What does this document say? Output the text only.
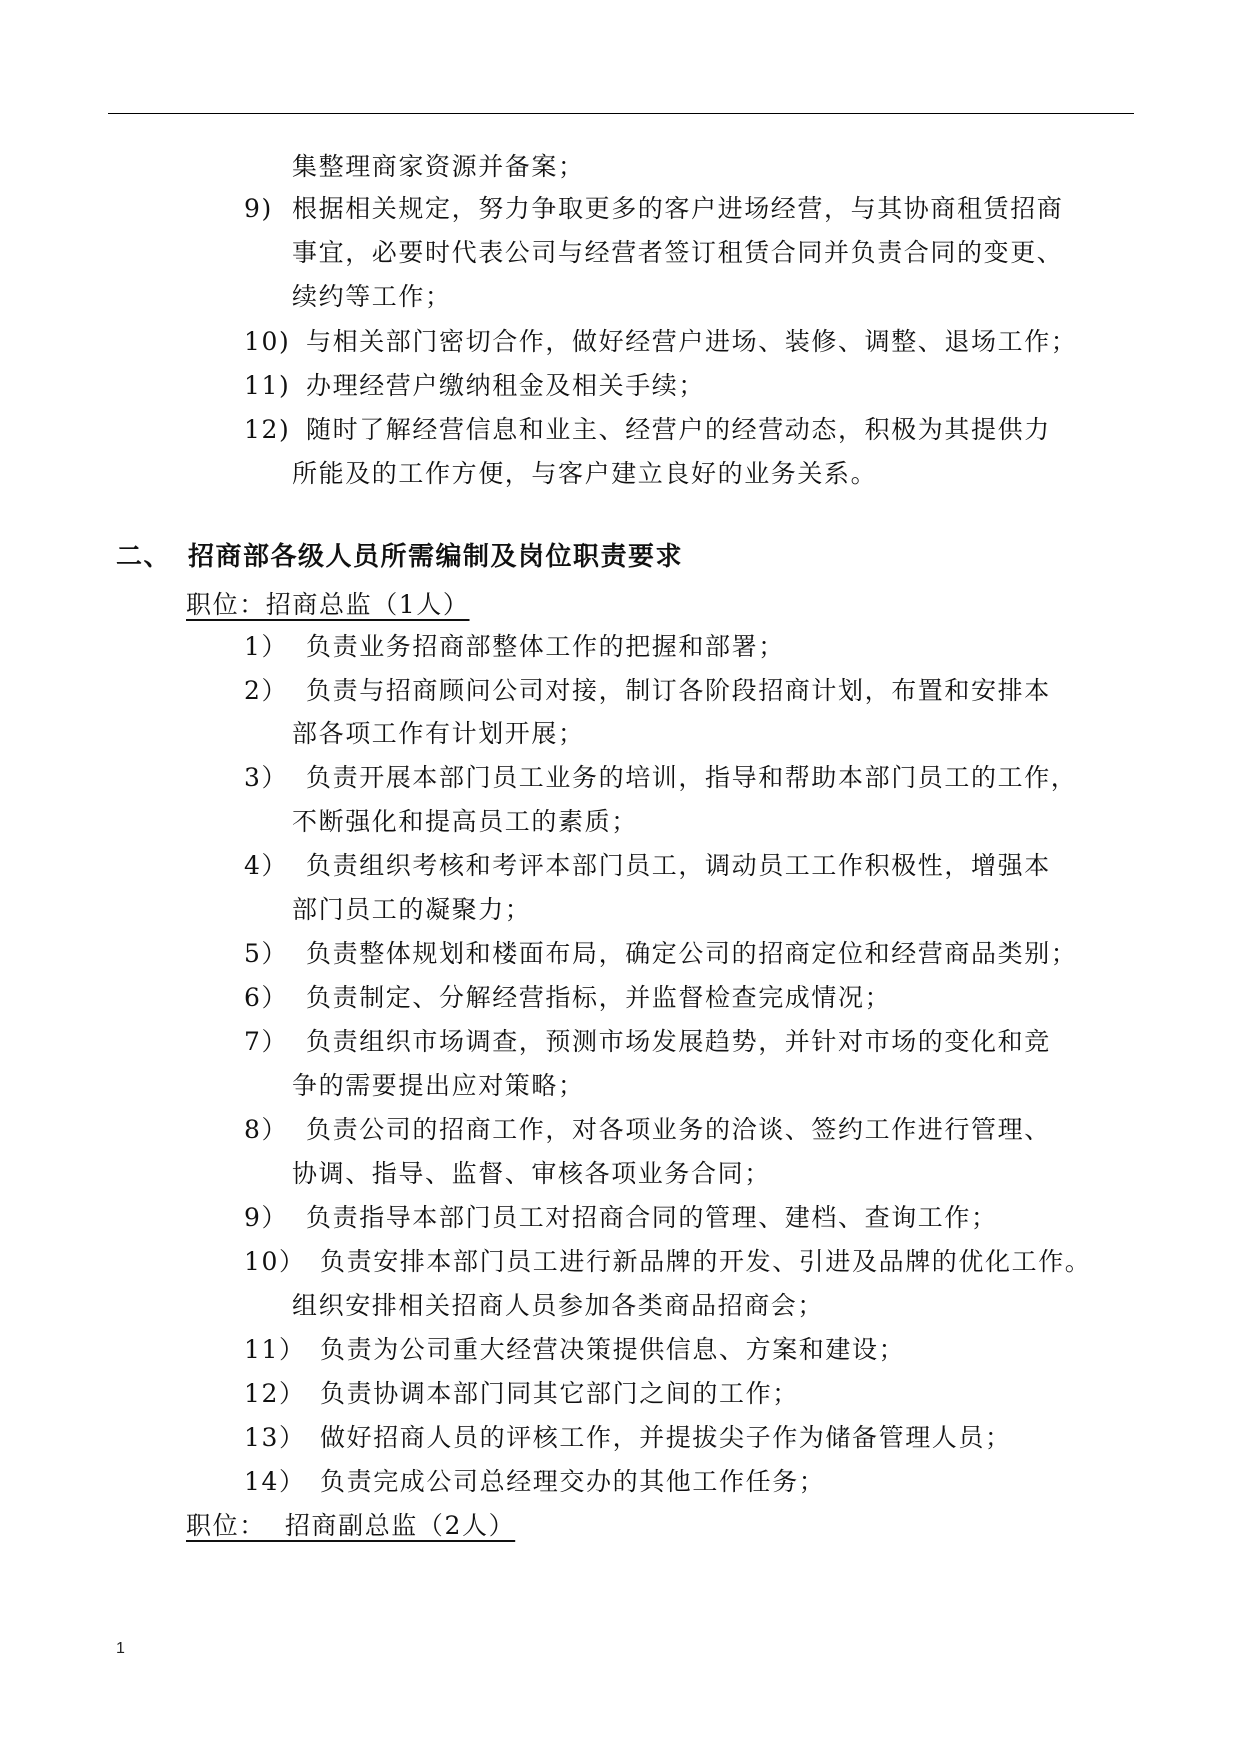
集整理商家资源并备案；
9) 根据相关规定，努力争取更多的客户进场经营，与其协商租赁招商
事宜，必要时代表公司与经营者签订租赁合同并负责合同的变更、
续约等工作；
10) 与相关部门密切合作，做好经营户进场、装修、调整、退场工作；
11) 办理经营户缴纳租金及相关手续；
12) 随时了解经营信息和业主、经营户的经营动态，积极为其提供力
所能及的工作方便，与客户建立良好的业务关系。
二、 招商部各级人员所需编制及岗位职责要求
职位：招商总监（1人）
1） 负责业务招商部整体工作的把握和部署；
2） 负责与招商顾问公司对接，制订各阶段招商计划，布置和安排本
部各项工作有计划开展；
3） 负责开展本部门员工业务的培训，指导和帮助本部门员工的工作，
不断强化和提高员工的素质；
4） 负责组织考核和考评本部门员工，调动员工工作积极性，增强本
部门员工的凝聚力；
5） 负责整体规划和楼面布局，确定公司的招商定位和经营商品类别；
6） 负责制定、分解经营指标，并监督检查完成情况；
7） 负责组织市场调查，预测市场发展趋势，并针对市场的变化和竞
争的需要提出应对策略；
8） 负责公司的招商工作，对各项业务的洽谈、签约工作进行管理、
协调、指导、监督、审核各项业务合同；
9） 负责指导本部门员工对招商合同的管理、建档、查询工作；
10） 负责安排本部门员工进行新品牌的开发、引进及品牌的优化工作。
组织安排相关招商人员参加各类商品招商会；
11） 负责为公司重大经营决策提供信息、方案和建设；
12） 负责协调本部门同其它部门之间的工作；
13） 做好招商人员的评核工作，并提拔尖子作为储备管理人员；
14） 负责完成公司总经理交办的其他工作任务；
职位：  招商副总监（2人）
1
